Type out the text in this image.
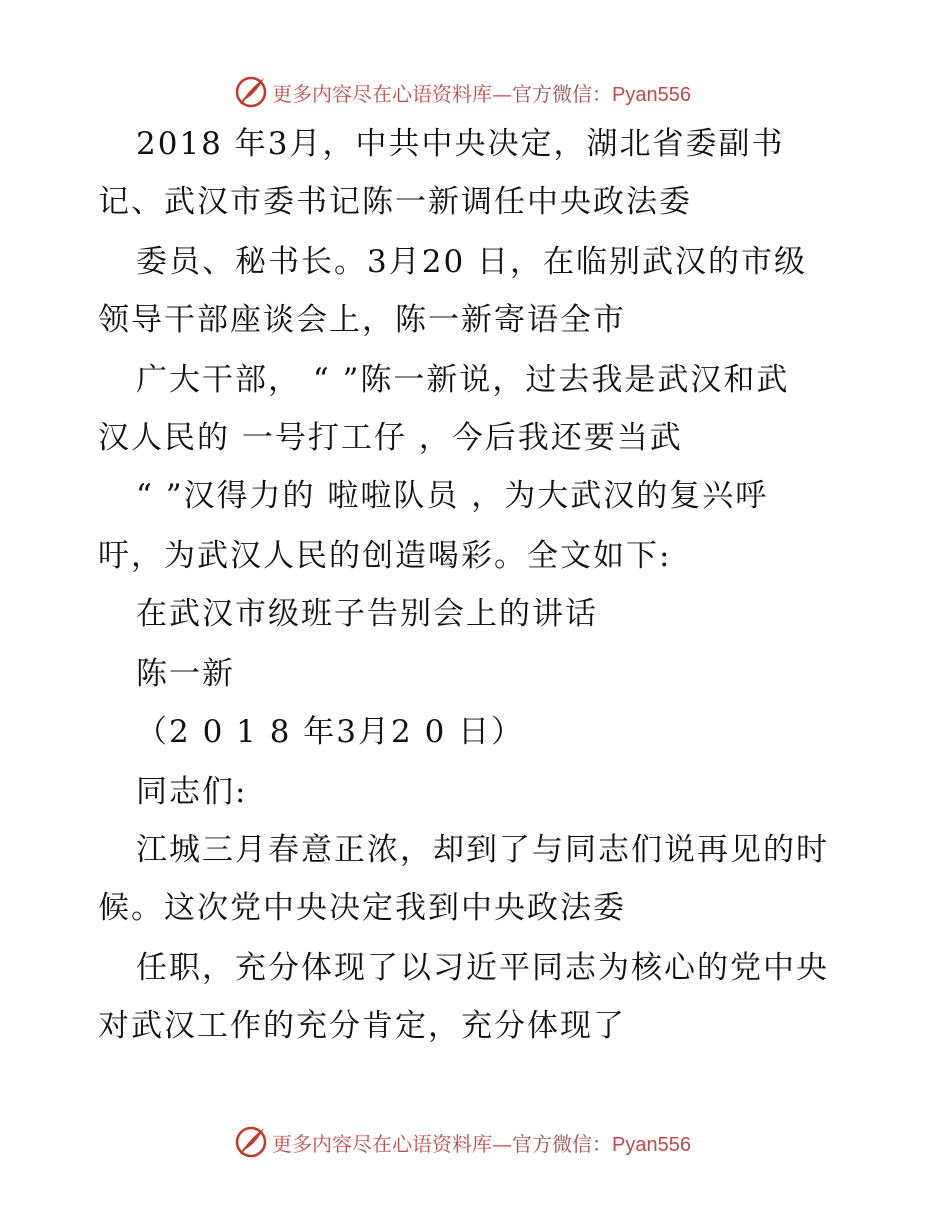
更多内容尽在心语资料库—官方微信：Pyan556
2018 年3月，中共中央决定，湖北省委副书
记、武汉市委书记陈一新调任中央政法委
委员、秘书长。3月20 日，在临别武汉的市级
领导干部座谈会上，陈一新寄语全市
广大干部， “ ”陈一新说，过去我是武汉和武
汉人民的 一号打工仔 ，今后我还要当武
“ ”汉得力的 啦啦队员 ，为大武汉的复兴呼
吁，为武汉人民的创造喝彩。全文如下:
在武汉市级班子告别会上的讲话
陈一新
（2 0 1 8 年3月2 0 日）
同志们:
江城三月春意正浓，却到了与同志们说再见的时
候。这次党中央决定我到中央政法委
任职，充分体现了以习近平同志为核心的党中央
对武汉工作的充分肯定，充分体现了
更多内容尽在心语资料库—官方微信：Pyan556
